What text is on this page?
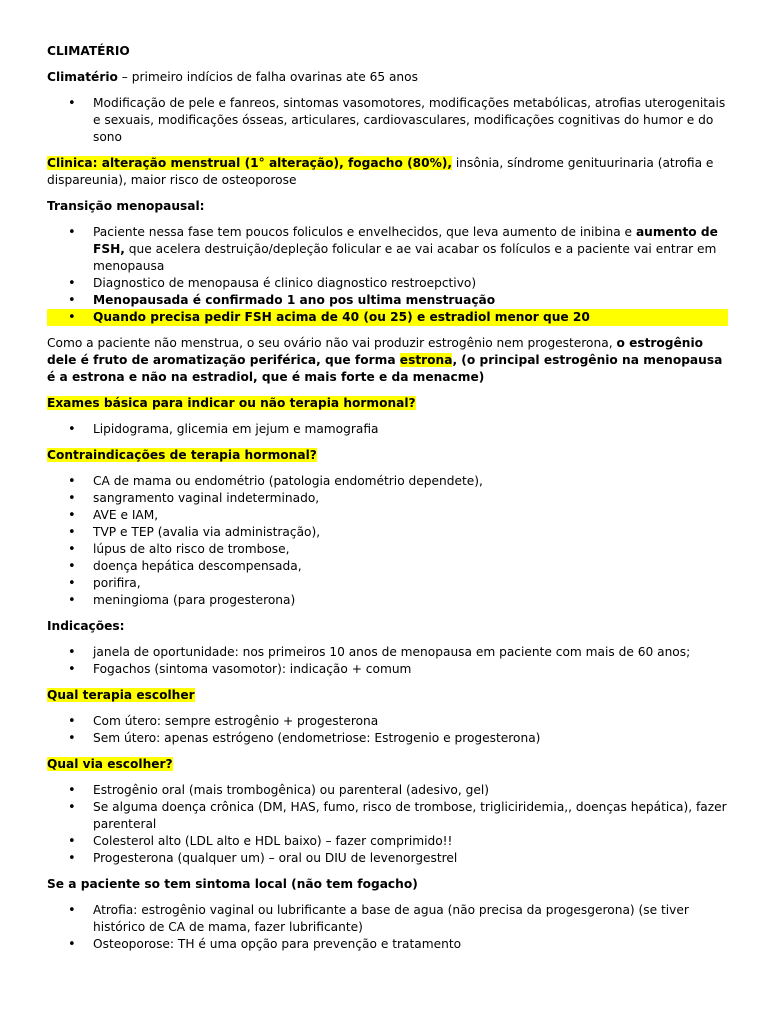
CLIMATÉRIO

Climatério – primeiro indícios de falha ovarinas ate 65 anos

• Modificação de pele e fanreos, sintomas vasomotores, modificações metabólicas, atrofias uterogenitais e sexuais, modificações ósseas, articulares, cardiovasculares, modificações cognitivas do humor e do sono

Clinica: alteração menstrual (1° alteração), fogacho (80%), insônia, síndrome genituurinaria (atrofia e dispareunia), maior risco de osteoporose

Transição menopausal:

• Paciente nessa fase tem poucos foliculos e envelhecidos, que leva aumento de inibina e aumento de FSH, que acelera destruição/depleção folicular e ae vai acabar os folículos e a paciente vai entrar em menopausa
• Diagnostico de menopausa é clinico diagnostico restroepctivo)
• Menopausada é confirmado 1 ano pos ultima menstruação
• Quando precisa pedir FSH acima de 40 (ou 25) e estradiol menor que 20

Como a paciente não menstrua, o seu ovário não vai produzir estrogênio nem progesterona, o estrogênio dele é fruto de aromatização periférica, que forma estrona, (o principal estrogênio na menopausa é a estrona e não na estradiol, que é mais forte e da menacme)

Exames básica para indicar ou não terapia hormonal?

• Lipidograma, glicemia em jejum e mamografia

Contraindicações de terapia hormonal?

• CA de mama ou endométrio (patologia endométrio dependete),
• sangramento vaginal indeterminado,
• AVE e IAM,
• TVP e TEP (avalia via administração),
• lúpus de alto risco de trombose,
• doença hepática descompensada,
• porifira,
• meningioma (para progesterona)

Indicações:

• janela de oportunidade: nos primeiros 10 anos de menopausa em paciente com mais de 60 anos;
• Fogachos (sintoma vasomotor): indicação + comum

Qual terapia escolher

• Com útero: sempre estrogênio + progesterona
• Sem útero: apenas estrógeno (endometriose: Estrogenio e progesterona)

Qual via escolher?

• Estrogênio oral (mais trombogênica) ou parenteral (adesivo, gel)
• Se alguma doença crônica (DM, HAS, fumo, risco de trombose, trigliciridemia,, doenças hepática), fazer parenteral
• Colesterol alto (LDL alto e HDL baixo) – fazer comprimido!!
• Progesterona (qualquer um) – oral ou DIU de levenorgestrel

Se a paciente so tem sintoma local (não tem fogacho)

• Atrofia: estrogênio vaginal ou lubrificante a base de agua (não precisa da progesgerona) (se tiver histórico de CA de mama, fazer lubrificante)
• Osteoporose: TH é uma opção para prevenção e tratamento
